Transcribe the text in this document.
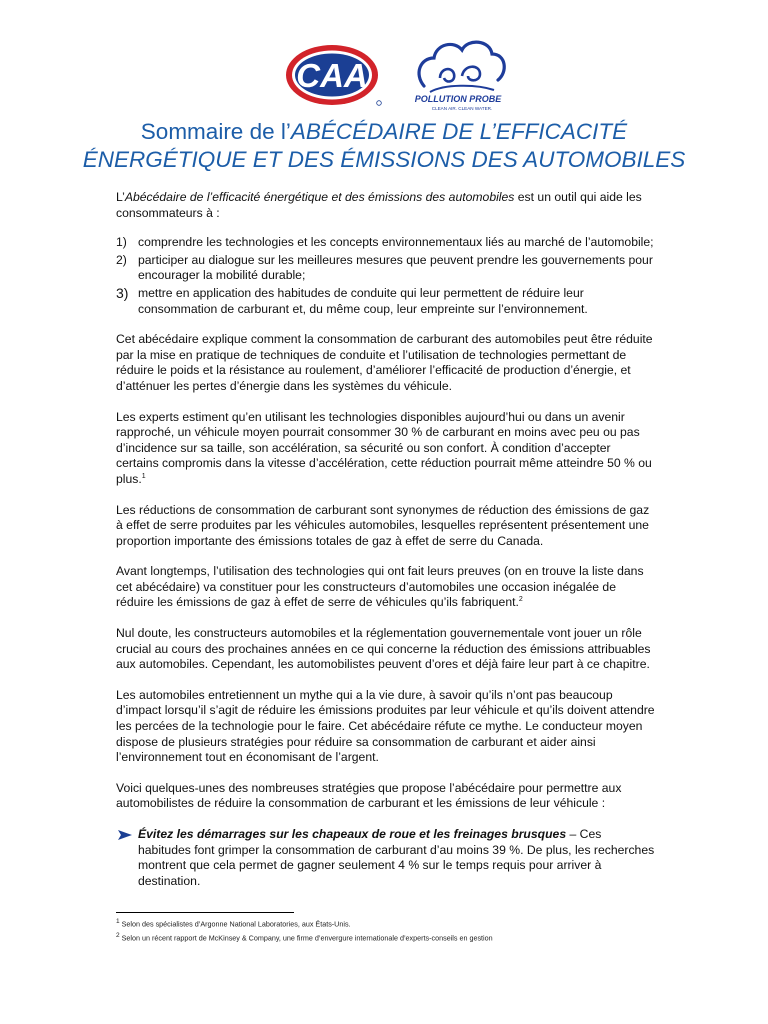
CAA
POLLUTION PROBE
CLEAN AIR. CLEAN WATER.
Sommaire de l’ABÉCÉDAIRE DE L’EFFICACITÉ
ÉNERGÉTIQUE ET DES ÉMISSIONS DES AUTOMOBILES

L’Abécédaire de l’efficacité énergétique et des émissions des automobiles est un outil qui aide les consommateurs à :

1) comprendre les technologies et les concepts environnementaux liés au marché de l’automobile;
2) participer au dialogue sur les meilleures mesures que peuvent prendre les gouvernements pour encourager la mobilité durable;
3) mettre en application des habitudes de conduite qui leur permettent de réduire leur consommation de carburant et, du même coup, leur empreinte sur l’environnement.

Cet abécédaire explique comment la consommation de carburant des automobiles peut être réduite par la mise en pratique de techniques de conduite et l’utilisation de technologies permettant de réduire le poids et la résistance au roulement, d’améliorer l’efficacité de production d’énergie, et d’atténuer les pertes d’énergie dans les systèmes du véhicule.

Les experts estiment qu’en utilisant les technologies disponibles aujourd’hui ou dans un avenir rapproché, un véhicule moyen pourrait consommer 30 % de carburant en moins avec peu ou pas d’incidence sur sa taille, son accélération, sa sécurité ou son confort. À condition d’accepter certains compromis dans la vitesse d’accélération, cette réduction pourrait même atteindre 50 % ou plus.$^1$

Les réductions de consommation de carburant sont synonymes de réduction des émissions de gaz à effet de serre produites par les véhicules automobiles, lesquelles représentent présentement une proportion importante des émissions totales de gaz à effet de serre du Canada.

Avant longtemps, l’utilisation des technologies qui ont fait leurs preuves (on en trouve la liste dans cet abécédaire) va constituer pour les constructeurs d’automobiles une occasion inégalée de réduire les émissions de gaz à effet de serre de véhicules qu’ils fabriquent.$^2$

Nul doute, les constructeurs automobiles et la réglementation gouvernementale vont jouer un rôle crucial au cours des prochaines années en ce qui concerne la réduction des émissions attribuables aux automobiles. Cependant, les automobilistes peuvent d’ores et déjà faire leur part à ce chapitre.

Les automobiles entretiennent un mythe qui a la vie dure, à savoir qu’ils n’ont pas beaucoup d’impact lorsqu’il s’agit de réduire les émissions produites par leur véhicule et qu’ils doivent attendre les percées de la technologie pour le faire. Cet abécédaire réfute ce mythe. Le conducteur moyen dispose de plusieurs stratégies pour réduire sa consommation de carburant et aider ainsi l’environnement tout en économisant de l’argent.

Voici quelques-unes des nombreuses stratégies que propose l’abécédaire pour permettre aux automobilistes de réduire la consommation de carburant et les émissions de leur véhicule :

Évitez les démarrages sur les chapeaux de roue et les freinages brusques – Ces habitudes font grimper la consommation de carburant d’au moins 39 %. De plus, les recherches montrent que cela permet de gagner seulement 4 % sur le temps requis pour arriver à destination.

1 Selon des spécialistes d’Argonne National Laboratories, aux États-Unis.

2 Selon un récent rapport de McKinsey & Company, une firme d’envergure internationale d’experts-conseils en gestion
